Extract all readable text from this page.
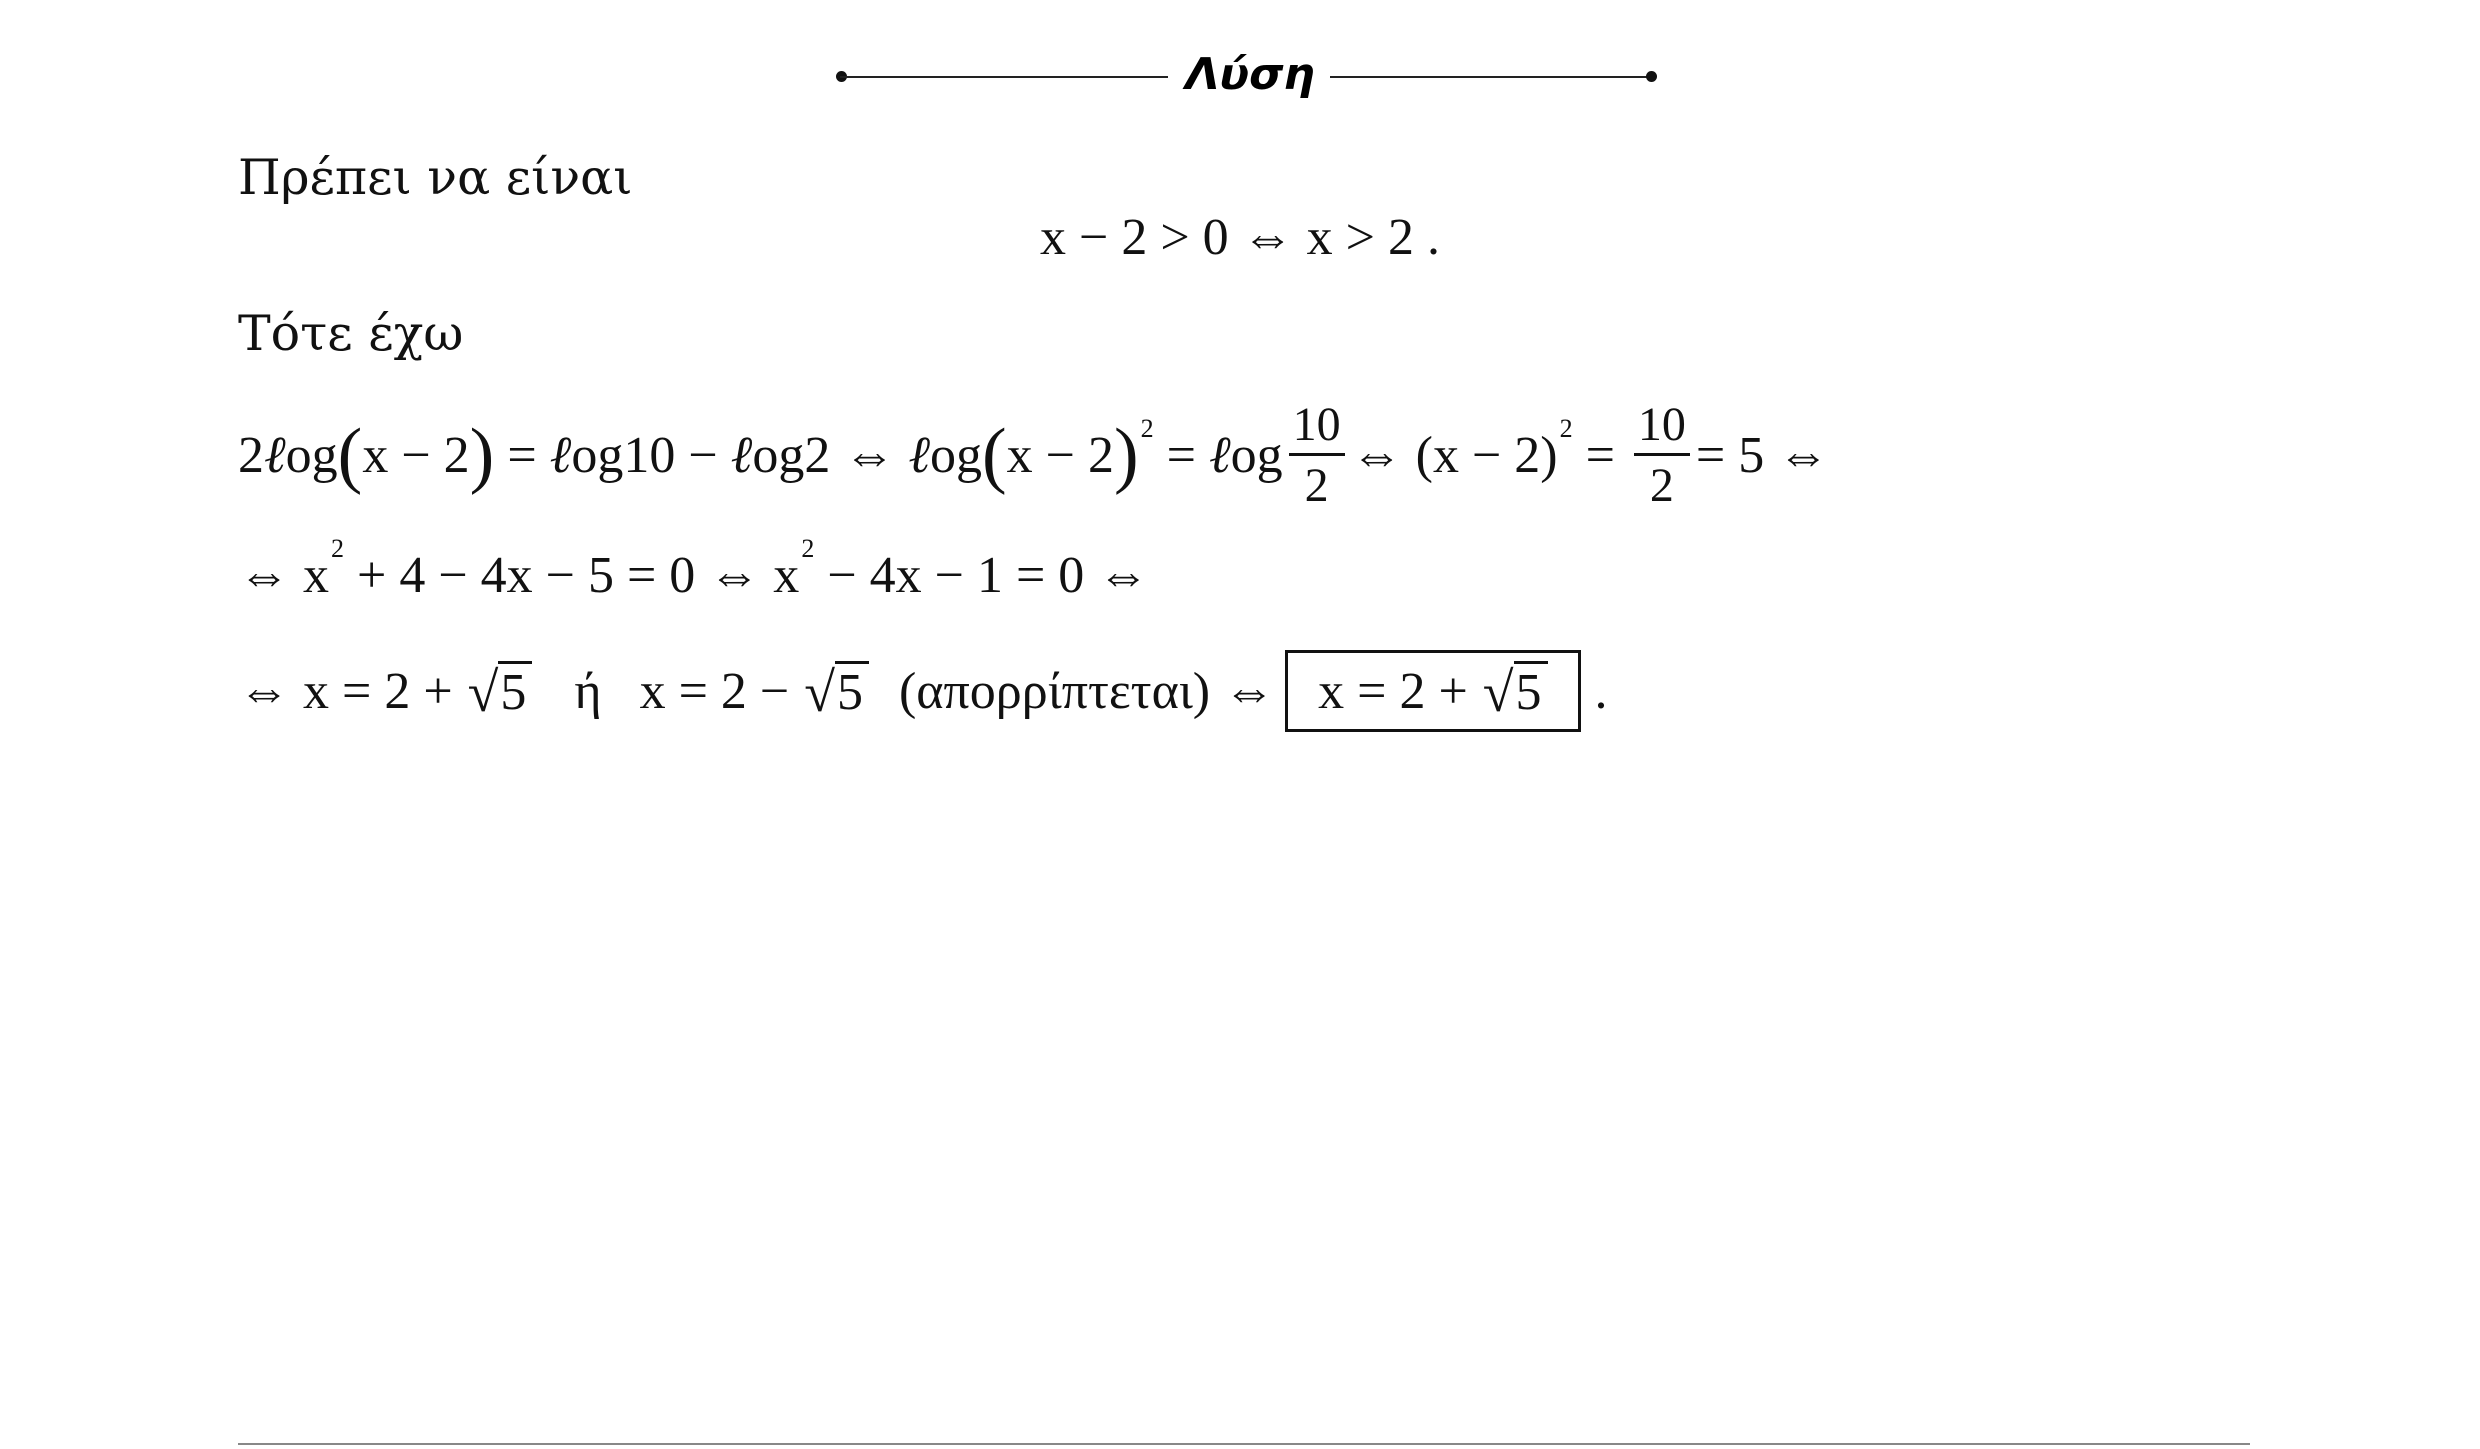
Λύση
Πρέπει να είναι
x − 2 > 0 ⇔ x > 2 .
Τότε έχω
2 ℓ og ( x − 2 ) = ℓ og10 − ℓ og2 ⇔ ℓ og ( x − 2 ) 2 = ℓ og $\frac{10}{2}$ ⇔ (x − 2) $2 = \frac{10}{2} = 5$ ⇔
⇔ x 2 + 4 − 4x − 5 = 0 ⇔ x 2 − 4x − 1 = 0 ⇔
⇔ x = 2 + √ 5 ή x = 2 − √ 5 (απορρίπτεται) ⇔ x = 2 + √ 5 .
